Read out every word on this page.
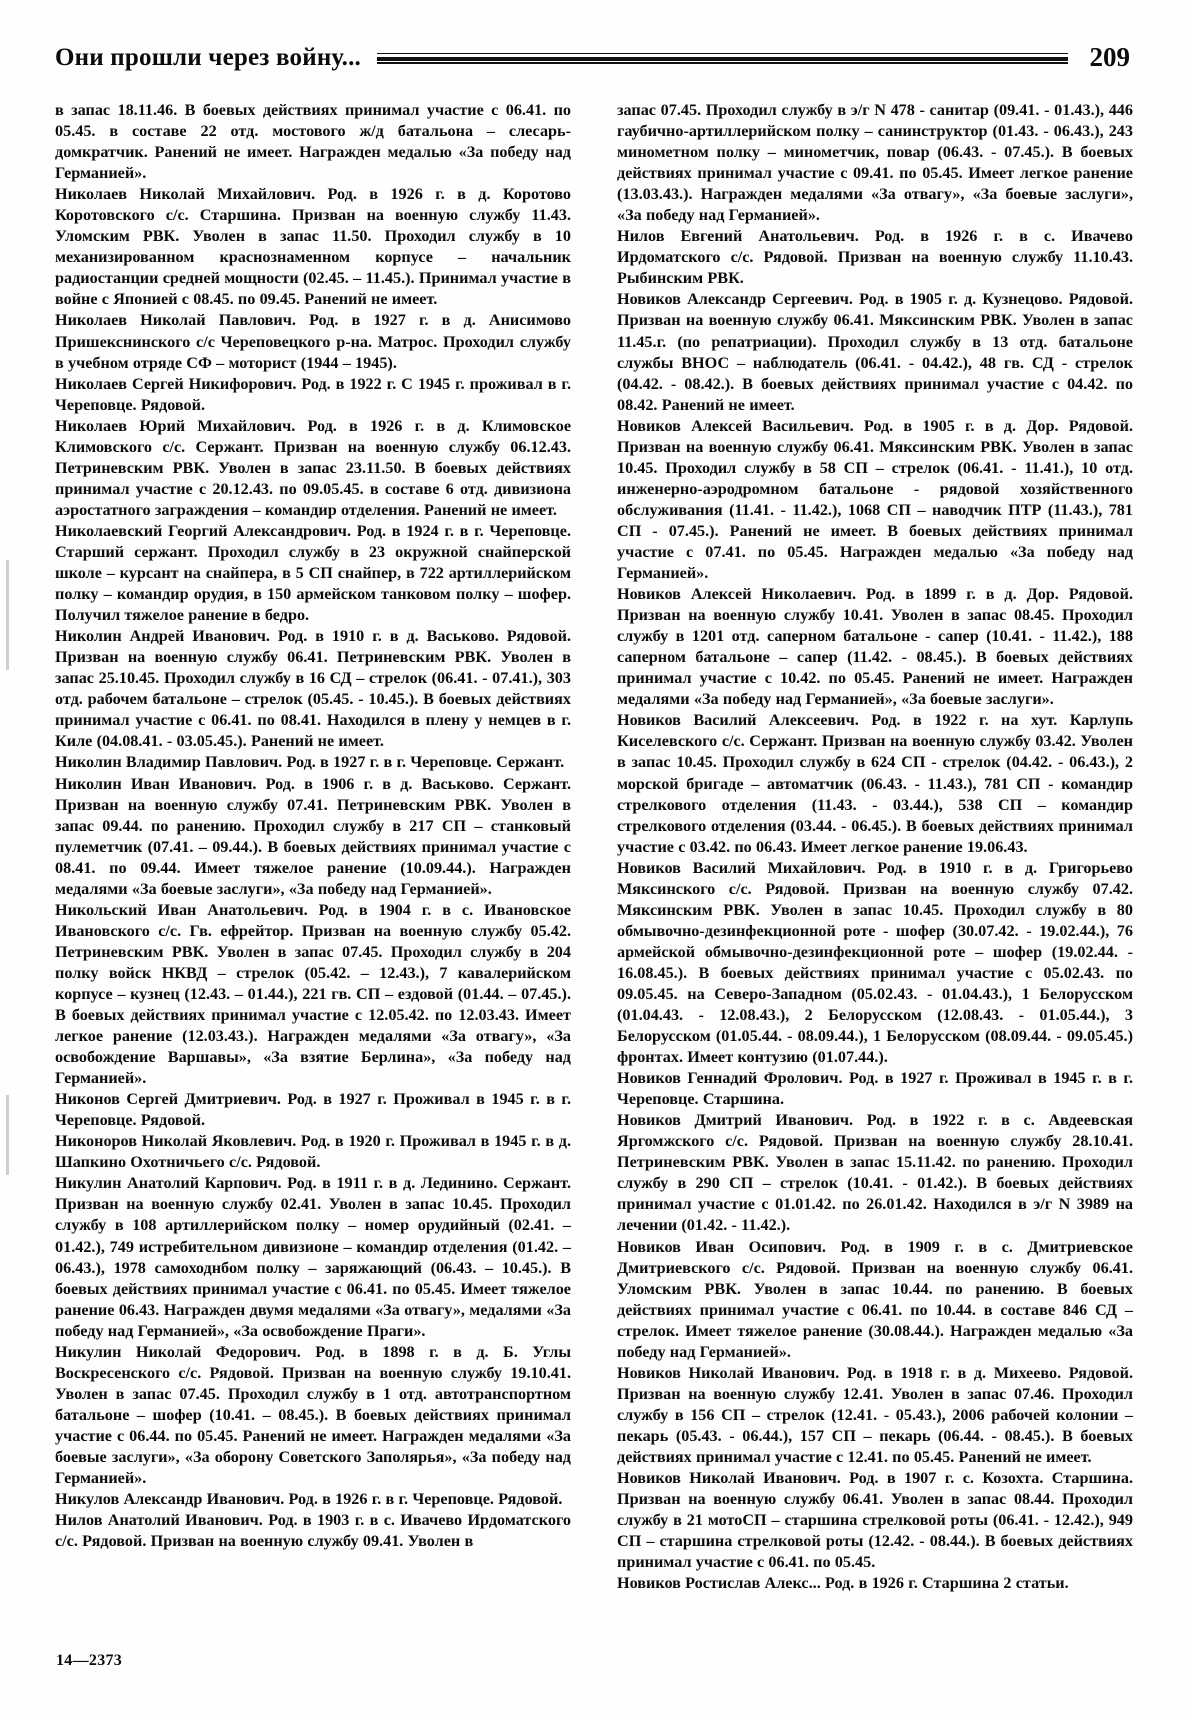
Они прошли через войну...	209

в запас 18.11.46. В боевых действиях принимал участие с 06.41. по 05.45. в составе 22 отд. мостового ж/д батальона – слесарь-домкратчик. Ранений не имеет. Награжден медалью «За победу над Германией».

Николаев Николай Михайлович. Род. в 1926 г. в д. Коротово Коротовского с/с. Старшина. Призван на военную службу 11.43. Уломским РВК. Уволен в запас 11.50. Проходил службу в 10 механизированном краснознаменном корпусе – начальник радиостанции средней мощности (02.45. – 11.45.). Принимал участие в войне с Японией с 08.45. по 09.45. Ранений не имеет.

Николаев Николай Павлович. Род. в 1927 г. в д. Анисимово Пришекснинского с/с Череповецкого р-на. Матрос. Проходил службу в учебном отряде СФ – моторист (1944 – 1945).

Николаев Сергей Никифорович. Род. в 1922 г. С 1945 г. проживал в г. Череповце. Рядовой.

Николаев Юрий Михайлович. Род. в 1926 г. в д. Климовское Климовского с/с. Сержант. Призван на военную службу 06.12.43. Петриневским РВК. Уволен в запас 23.11.50. В боевых действиях принимал участие с 20.12.43. по 09.05.45. в составе 6 отд. дивизиона аэростатного заграждения – командир отделения. Ранений не имеет.

Николаевский Георгий Александрович. Род. в 1924 г. в г. Череповце. Старший сержант. Проходил службу в 23 окружной снайперской школе – курсант на снайпера, в 5 СП снайпер, в 722 артиллерийском полку – командир орудия, в 150 армейском танковом полку – шофер. Получил тяжелое ранение в бедро.

Николин Андрей Иванович. Род. в 1910 г. в д. Васьково. Рядовой. Призван на военную службу 06.41. Петриневским РВК. Уволен в запас 25.10.45. Проходил службу в 16 СД – стрелок (06.41. - 07.41.), 303 отд. рабочем батальоне – стрелок (05.45. - 10.45.). В боевых действиях принимал участие с 06.41. по 08.41. Находился в плену у немцев в г. Киле (04.08.41. - 03.05.45.). Ранений не имеет.

Николин Владимир Павлович. Род. в 1927 г. в г. Череповце. Сержант.

Николин Иван Иванович. Род. в 1906 г. в д. Васьково. Сержант. Призван на военную службу 07.41. Петриневским РВК. Уволен в запас 09.44. по ранению. Проходил службу в 217 СП – станковый пулеметчик (07.41. – 09.44.). В боевых действиях принимал участие с 08.41. по 09.44. Имеет тяжелое ранение (10.09.44.). Награжден медалями «За боевые заслуги», «За победу над Германией».

Никольский Иван Анатольевич. Род. в 1904 г. в с. Ивановское Ивановского с/с. Гв. ефрейтор. Призван на военную службу 05.42. Петриневским РВК. Уволен в запас 07.45. Проходил службу в 204 полку войск НКВД – стрелок (05.42. – 12.43.), 7 кавалерийском корпусе – кузнец (12.43. – 01.44.), 221 гв. СП – ездовой (01.44. – 07.45.). В боевых действиях принимал участие с 12.05.42. по 12.03.43. Имеет легкое ранение (12.03.43.). Награжден медалями «За отвагу», «За освобождение Варшавы», «За взятие Берлина», «За победу над Германией».

Никонов Сергей Дмитриевич. Род. в 1927 г. Проживал в 1945 г. в г. Череповце. Рядовой.

Никоноров Николай Яковлевич. Род. в 1920 г. Проживал в 1945 г. в д. Шапкино Охотничьего с/с. Рядовой.

Никулин Анатолий Карпович. Род. в 1911 г. в д. Лединино. Сержант. Призван на военную службу 02.41. Уволен в запас 10.45. Проходил службу в 108 артиллерийском полку – номер орудийный (02.41. – 01.42.), 749 истребительном дивизионе – командир отделения (01.42. – 06.43.), 1978 самоходнбом полку – заряжающий (06.43. – 10.45.). В боевых действиях принимал участие с 06.41. по 05.45. Имеет тяжелое ранение 06.43. Награжден двумя медалями «За отвагу», медалями «За победу над Германией», «За освобождение Праги».

Никулин Николай Федорович. Род. в 1898 г. в д. Б. Углы Воскресенского с/с. Рядовой. Призван на военную службу 19.10.41. Уволен в запас 07.45. Проходил службу в 1 отд. автотранспортном батальоне – шофер (10.41. – 08.45.). В боевых действиях принимал участие с 06.44. по 05.45. Ранений не имеет. Награжден медалями «За боевые заслуги», «За оборону Советского Заполярья», «За победу над Германией».

Никулов Александр Иванович. Род. в 1926 г. в г. Череповце. Рядовой.

Нилов Анатолий Иванович. Род. в 1903 г. в с. Ивачево Ирдоматского с/с. Рядовой. Призван на военную службу 09.41. Уволен в

запас 07.45. Проходил службу в э/г N 478 - санитар (09.41. - 01.43.), 446 гаубично-артиллерийском полку – санинструктор (01.43. - 06.43.), 243 минометном полку – минометчик, повар (06.43. - 07.45.). В боевых действиях принимал участие с 09.41. по 05.45. Имеет легкое ранение (13.03.43.). Награжден медалями «За отвагу», «За боевые заслуги», «За победу над Германией».

Нилов Евгений Анатольевич. Род. в 1926 г. в с. Ивачево Ирдоматского с/с. Рядовой. Призван на военную службу 11.10.43. Рыбинским РВК.

Новиков Александр Сергеевич. Род. в 1905 г. д. Кузнецово. Рядовой. Призван на военную службу 06.41. Мяксинским РВК. Уволен в запас 11.45.г. (по репатриации). Проходил службу в 13 отд. батальоне службы ВНОС – наблюдатель (06.41. - 04.42.), 48 гв. СД - стрелок (04.42. - 08.42.). В боевых действиях принимал участие с 04.42. по 08.42. Ранений не имеет.

Новиков Алексей Васильевич. Род. в 1905 г. в д. Дор. Рядовой. Призван на военную службу 06.41. Мяксинским РВК. Уволен в запас 10.45. Проходил службу в 58 СП – стрелок (06.41. - 11.41.), 10 отд. инженерно-аэродромном батальоне - рядовой хозяйственного обслуживания (11.41. - 11.42.), 1068 СП – наводчик ПТР (11.43.), 781 СП - 07.45.). Ранений не имеет. В боевых действиях принимал участие с 07.41. по 05.45. Награжден медалью «За победу над Германией».

Новиков Алексей Николаевич. Род. в 1899 г. в д. Дор. Рядовой. Призван на военную службу 10.41. Уволен в запас 08.45. Проходил службу в 1201 отд. саперном батальоне - сапер (10.41. - 11.42.), 188 саперном батальоне – сапер (11.42. - 08.45.). В боевых действиях принимал участие с 10.42. по 05.45. Ранений не имеет. Награжден медалями «За победу над Германией», «За боевые заслуги».

Новиков Василий Алексеевич. Род. в 1922 г. на хут. Карлупь Киселевского с/с. Сержант. Призван на военную службу 03.42. Уволен в запас 10.45. Проходил службу в 624 СП - стрелок (04.42. - 06.43.), 2 морской бригаде – автоматчик (06.43. - 11.43.), 781 СП - командир стрелкового отделения (11.43. - 03.44.), 538 СП – командир стрелкового отделения (03.44. - 06.45.). В боевых действиях принимал участие с 03.42. по 06.43. Имеет легкое ранение 19.06.43.

Новиков Василий Михайлович. Род. в 1910 г. в д. Григорьево Мяксинского с/с. Рядовой. Призван на военную службу 07.42. Мяксинским РВК. Уволен в запас 10.45. Проходил службу в 80 обмывочно-дезинфекционной роте - шофер (30.07.42. - 19.02.44.), 76 армейской обмывочно-дезинфекционной роте – шофер (19.02.44. - 16.08.45.). В боевых действиях принимал участие с 05.02.43. по 09.05.45. на Северо-Западном (05.02.43. - 01.04.43.), 1 Белорусском (01.04.43. - 12.08.43.), 2 Белорусском (12.08.43. - 01.05.44.), 3 Белорусском (01.05.44. - 08.09.44.), 1 Белорусском (08.09.44. - 09.05.45.) фронтах. Имеет контузию (01.07.44.).

Новиков Геннадий Фролович. Род. в 1927 г. Проживал в 1945 г. в г. Череповце. Старшина.

Новиков Дмитрий Иванович. Род. в 1922 г. в с. Авдеевская Яргомжского с/с. Рядовой. Призван на военную службу 28.10.41. Петриневским РВК. Уволен в запас 15.11.42. по ранению. Проходил службу в 290 СП – стрелок (10.41. - 01.42.). В боевых действиях принимал участие с 01.01.42. по 26.01.42. Находился в э/г N 3989 на лечении (01.42. - 11.42.).

Новиков Иван Осипович. Род. в 1909 г. в с. Дмитриевское Дмитриевского с/с. Рядовой. Призван на военную службу 06.41. Уломским РВК. Уволен в запас 10.44. по ранению. В боевых действиях принимал участие с 06.41. по 10.44. в составе 846 СД – стрелок. Имеет тяжелое ранение (30.08.44.). Награжден медалью «За победу над Германией».

Новиков Николай Иванович. Род. в 1918 г. в д. Михеево. Рядовой. Призван на военную службу 12.41. Уволен в запас 07.46. Проходил службу в 156 СП – стрелок (12.41. - 05.43.), 2006 рабочей колонии – пекарь (05.43. - 06.44.), 157 СП – пекарь (06.44. - 08.45.). В боевых действиях принимал участие с 12.41. по 05.45. Ранений не имеет.

Новиков Николай Иванович. Род. в 1907 г. с. Козохта. Старшина. Призван на военную службу 06.41. Уволен в запас 08.44. Проходил службу в 21 мотоСП – старшина стрелковой роты (06.41. - 12.42.), 949 СП – старшина стрелковой роты (12.42. - 08.44.). В боевых действиях принимал участие с 06.41. по 05.45.

Новиков Ростислав Алекс... Род. в 1926 г. Старшина 2 статьи.

14—2373
